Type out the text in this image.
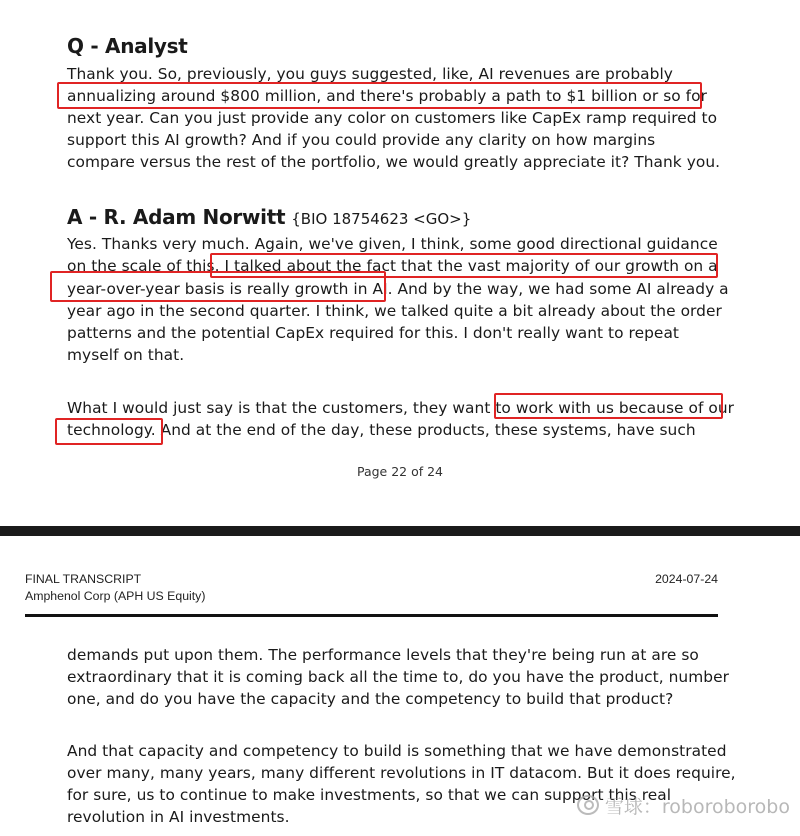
Q - Analyst
Thank you. So, previously, you guys suggested, like, AI revenues are probably
annualizing around $800 million, and there's probably a path to $1 billion or so for
next year. Can you just provide any color on customers like CapEx ramp required to
support this AI growth? And if you could provide any clarity on how margins
compare versus the rest of the portfolio, we would greatly appreciate it? Thank you.
A - R. Adam Norwitt {BIO 18754623 <GO>}
Yes. Thanks very much. Again, we've given, I think, some good directional guidance
on the scale of this. I talked about the fact that the vast majority of our growth on a
year-over-year basis is really growth in AI. And by the way, we had some AI already a
year ago in the second quarter. I think, we talked quite a bit already about the order
patterns and the potential CapEx required for this. I don't really want to repeat
myself on that.
What I would just say is that the customers, they want to work with us because of our
technology. And at the end of the day, these products, these systems, have such
Page 22 of 24
FINAL TRANSCRIPT
Amphenol Corp (APH US Equity)
2024-07-24
demands put upon them. The performance levels that they're being run at are so
extraordinary that it is coming back all the time to, do you have the product, number
one, and do you have the capacity and the competency to build that product?
And that capacity and competency to build is something that we have demonstrated
over many, many years, many different revolutions in IT datacom. But it does require,
for sure, us to continue to make investments, so that we can support this real
revolution in AI investments.	雪球：roboroborobo
